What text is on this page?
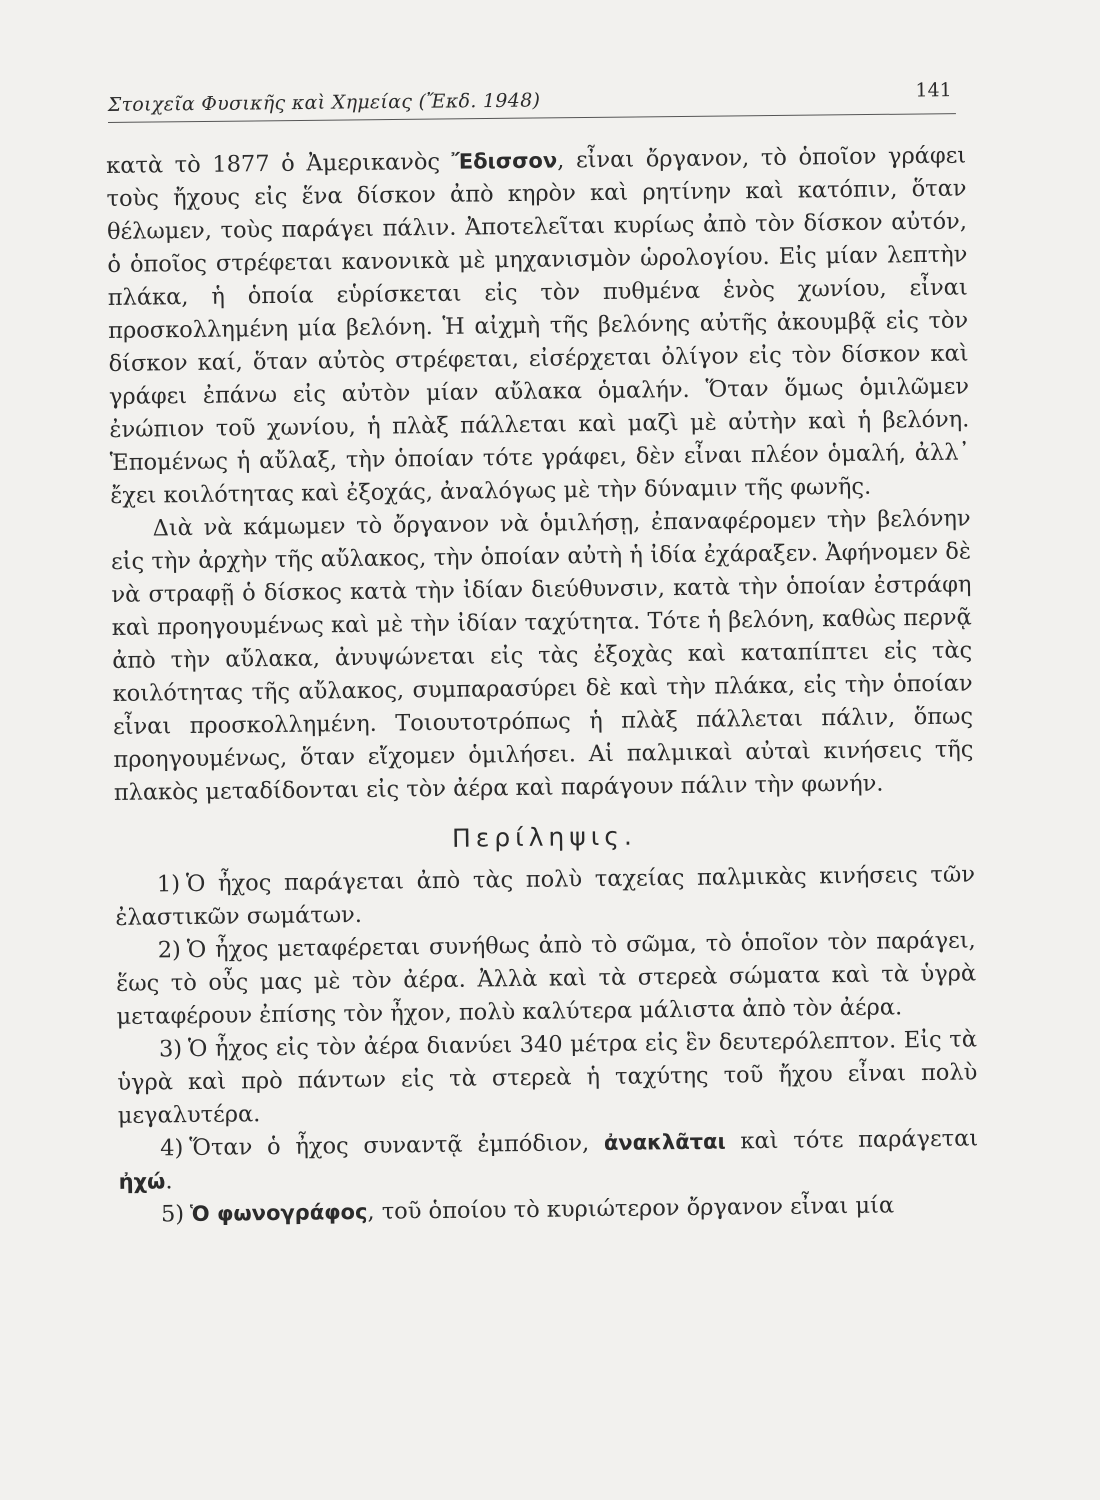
Στοιχεῖα Φυσικῆς καὶ Χημείας (Ἔκδ. 1948)	141

κατὰ τὸ 1877 ὁ Ἀμερικανὸς Ἔδισσον, εἶναι ὄργανον, τὸ ὁποῖον γράφει τοὺς ἤχους εἰς ἕνα δίσκον ἀπὸ κηρὸν καὶ ρητίνην καὶ κατόπιν, ὅταν θέλωμεν, τοὺς παράγει πάλιν. Ἀποτελεῖται κυρίως ἀπὸ τὸν δίσκον αὐτόν, ὁ ὁποῖος στρέφεται κανονικὰ μὲ μηχανισμὸν ὡρολογίου. Εἰς μίαν λεπτὴν πλάκα, ἡ ὁποία εὑρίσκεται εἰς τὸν πυθμένα ἑνὸς χωνίου, εἶναι προσκολλημένη μία βελόνη. Ἡ αἰχμὴ τῆς βελόνης αὐτῆς ἀκουμβᾷ εἰς τὸν δίσκον καί, ὅταν αὐτὸς στρέφεται, εἰσέρχεται ὀλίγον εἰς τὸν δίσκον καὶ γράφει ἐπάνω εἰς αὐτὸν μίαν αὔλακα ὁμαλήν. Ὅταν ὅμως ὁμιλῶμεν ἐνώπιον τοῦ χωνίου, ἡ πλὰξ πάλλεται καὶ μαζὶ μὲ αὐτὴν καὶ ἡ βελόνη. Ἑπομένως ἡ αὔλαξ, τὴν ὁποίαν τότε γράφει, δὲν εἶναι πλέον ὁμαλή, ἀλλ᾽ ἔχει κοιλότητας καὶ ἐξοχάς, ἀναλόγως μὲ τὴν δύναμιν τῆς φωνῆς.

Διὰ νὰ κάμωμεν τὸ ὄργανον νὰ ὁμιλήσῃ, ἐπαναφέρομεν τὴν βελόνην εἰς τὴν ἀρχὴν τῆς αὔλακος, τὴν ὁποίαν αὐτὴ ἡ ἰδία ἐχάραξεν. Ἀφήνομεν δὲ νὰ στραφῇ ὁ δίσκος κατὰ τὴν ἰδίαν διεύθυνσιν, κατὰ τὴν ὁποίαν ἐστράφη καὶ προηγουμένως καὶ μὲ τὴν ἰδίαν ταχύτητα. Τότε ἡ βελόνη, καθὼς περνᾷ ἀπὸ τὴν αὔλακα, ἀνυψώνεται εἰς τὰς ἐξοχὰς καὶ καταπίπτει εἰς τὰς κοιλότητας τῆς αὔλακος, συμπαρασύρει δὲ καὶ τὴν πλάκα, εἰς τὴν ὁποίαν εἶναι προσκολλημένη. Τοιουτοτρόπως ἡ πλὰξ πάλλεται πάλιν, ὅπως προηγουμένως, ὅταν εἴχομεν ὁμιλήσει. Αἱ παλμικαὶ αὐταὶ κινήσεις τῆς πλακὸς μεταδίδονται εἰς τὸν ἀέρα καὶ παράγουν πάλιν τὴν φωνήν.

Περίληψις.

1) Ὁ ἦχος παράγεται ἀπὸ τὰς πολὺ ταχείας παλμικὰς κινήσεις τῶν ἐλαστικῶν σωμάτων.

2) Ὁ ἦχος μεταφέρεται συνήθως ἀπὸ τὸ σῶμα, τὸ ὁποῖον τὸν παράγει, ἕως τὸ οὖς μας μὲ τὸν ἀέρα. Ἀλλὰ καὶ τὰ στερεὰ σώματα καὶ τὰ ὑγρὰ μεταφέρουν ἐπίσης τὸν ἦχον, πολὺ καλύτερα μάλιστα ἀπὸ τὸν ἀέρα.

3) Ὁ ἦχος εἰς τὸν ἀέρα διανύει 340 μέτρα εἰς ἓν δευτερόλεπτον. Εἰς τὰ ὑγρὰ καὶ πρὸ πάντων εἰς τὰ στερεὰ ἡ ταχύτης τοῦ ἤχου εἶναι πολὺ μεγαλυτέρα.

4) Ὅταν ὁ ἦχος συναντᾷ ἐμπόδιον, ἀνακλᾶται καὶ τότε παράγεται ἠχώ.

5) Ὁ φωνογράφος, τοῦ ὁποίου τὸ κυριώτερον ὄργανον εἶναι μία
